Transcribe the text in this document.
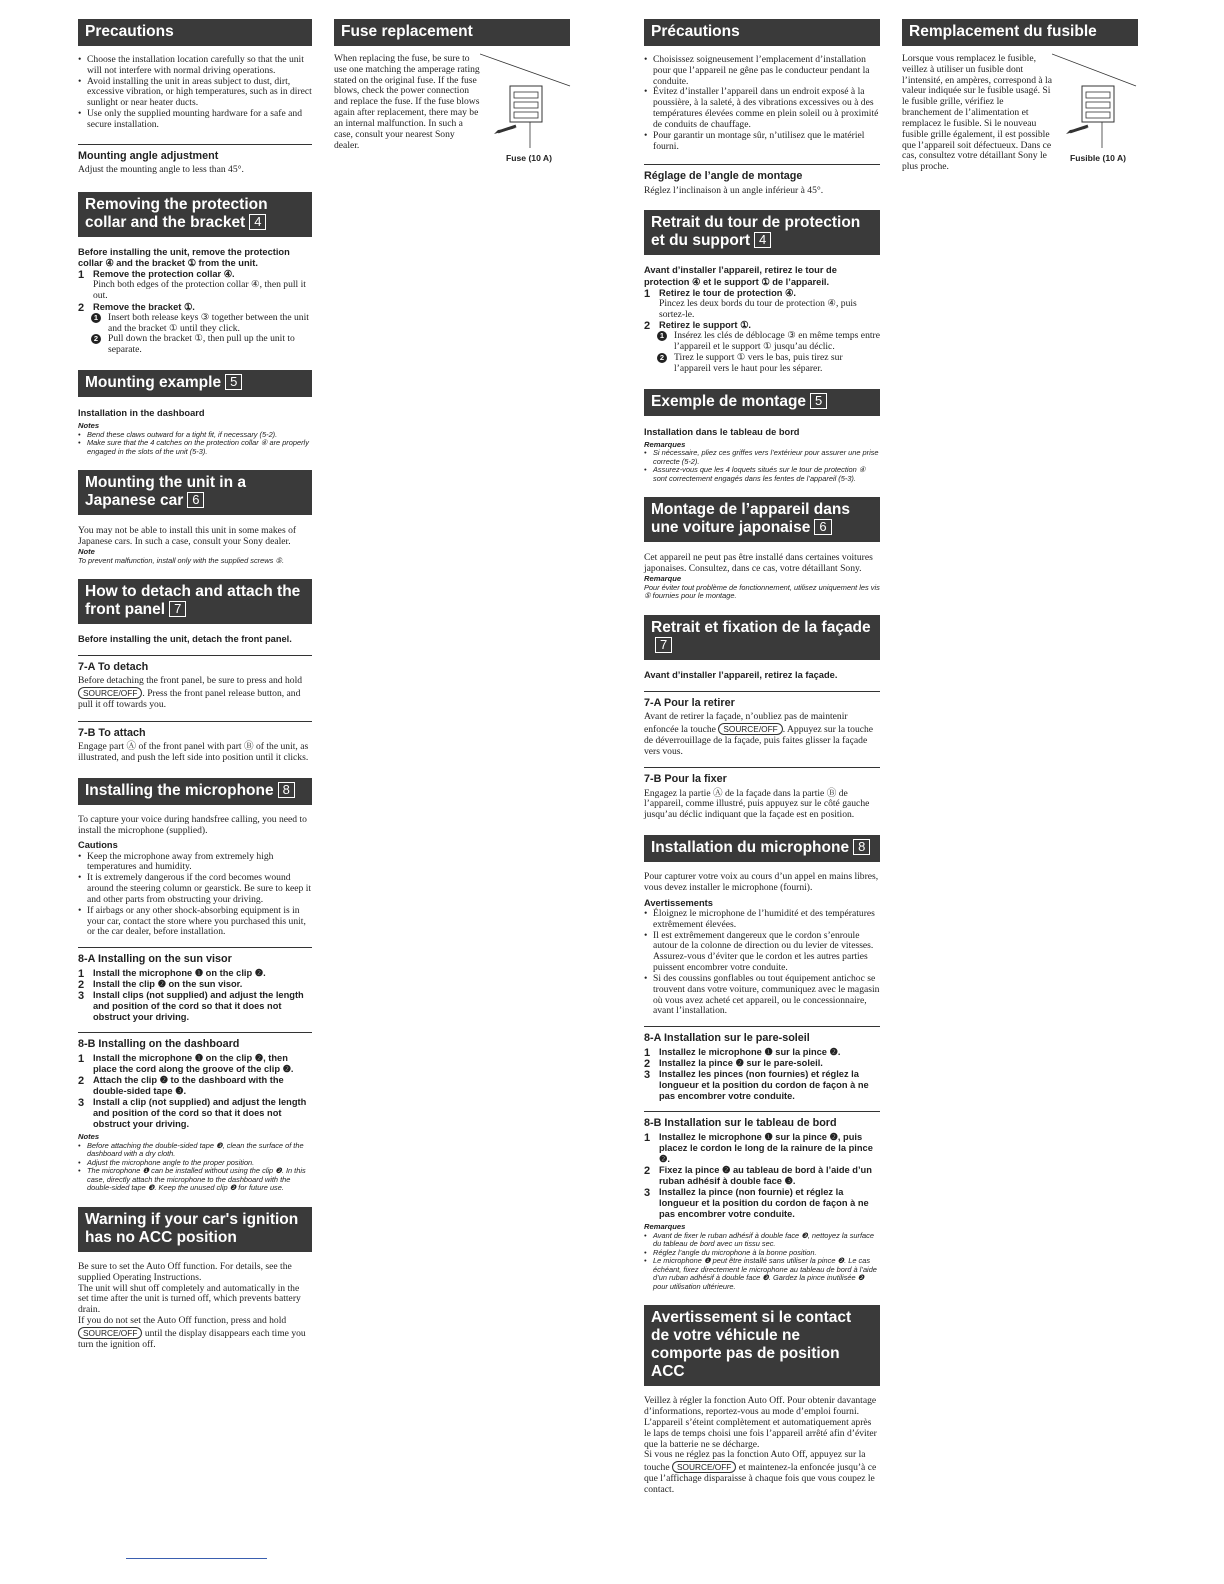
Precautions

• Choose the installation location carefully so that the unit will not interfere with normal driving operations.

• Avoid installing the unit in areas subject to dust, dirt, excessive vibration, or high temperatures, such as in direct sunlight or near heater ducts.

• Use only the supplied mounting hardware for a safe and secure installation.

Mounting angle adjustment

Adjust the mounting angle to less than 45°.

Removing the protection collar and the bracket 4

Before installing the unit, remove the protection collar ④ and the bracket ① from the unit.

1 Remove the protection collar ④.

Pinch both edges of the protection collar ④, then pull it out.

2 Remove the bracket ①.

1	Insert both release keys ③ together between the unit and the bracket ① until they click.

2	Pull down the bracket ①, then pull up the unit to separate.

Mounting example 5

Installation in the dashboard

Notes

• Bend these claws outward for a tight fit, if necessary (5-2).

• Make sure that the 4 catches on the protection collar ④ are properly engaged in the slots of the unit (5-3).

Mounting the unit in a Japanese car 6

You may not be able to install this unit in some makes of Japanese cars. In such a case, consult your Sony dealer.

Note

To prevent malfunction, install only with the supplied screws ⑤.

How to detach and attach the front panel 7

Before installing the unit, detach the front panel.

7-A To detach

Before detaching the front panel, be sure to press and hold SOURCE/OFF . Press the front panel release button, and pull it off towards you.

7-B To attach

Engage part Ⓐ of the front panel with part Ⓑ of the unit, as illustrated, and push the left side into position until it clicks.

Installing the microphone 8

To capture your voice during handsfree calling, you need to install the microphone (supplied).

Cautions

• Keep the microphone away from extremely high temperatures and humidity.

• It is extremely dangerous if the cord becomes wound around the steering column or gearstick. Be sure to keep it and other parts from obstructing your driving.

• If airbags or any other shock-absorbing equipment is in your car, contact the store where you purchased this unit, or the car dealer, before installation.

8-A Installing on the sun visor
1 Install the microphone ❶ on the clip ❷.
2 Install the clip ❷ on the sun visor.
3 Install clips (not supplied) and adjust the length and position of the cord so that it does not obstruct your driving.
8-B Installing on the dashboard
1 Install the microphone ❶ on the clip ❷, then place the cord along the groove of the clip ❷.
2 Attach the clip ❷ to the dashboard with the double-sided tape ❸.
3 Install a clip (not supplied) and adjust the length and position of the cord so that it does not obstruct your driving.

Notes

• Before attaching the double-sided tape ❸, clean the surface of the dashboard with a dry cloth.

• Adjust the microphone angle to the proper position.

• The microphone ❶ can be installed without using the clip ❷. In this case, directly attach the microphone to the dashboard with the double-sided tape ❸. Keep the unused clip ❷ for future use.

Warning if your car's ignition has no ACC position

Be sure to set the Auto Off function. For details, see the supplied Operating Instructions.

The unit will shut off completely and automatically in the set time after the unit is turned off, which prevents battery drain.

If you do not set the Auto Off function, press and hold SOURCE/OFF until the display disappears each time you turn the ignition off.

Fuse replacement

When replacing the fuse, be sure to use one matching the amperage rating stated on the original fuse. If the fuse blows, check the power connection and replace the fuse. If the fuse blows again after replacement, there may be an internal malfunction. In such a case, consult your nearest Sony dealer.

Fuse (10 A)
Précautions

• Choisissez soigneusement l’emplacement d’installation pour que l’appareil ne gêne pas le conducteur pendant la conduite.

• Évitez d’installer l’appareil dans un endroit exposé à la poussière, à la saleté, à des vibrations excessives ou à des températures élevées comme en plein soleil ou à proximité de conduits de chauffage.

• Pour garantir un montage sûr, n’utilisez que le matériel fourni.

Réglage de l’angle de montage

Réglez l’inclinaison à un angle inférieur à 45°.

Retrait du tour de protection et du support 4

Avant d’installer l’appareil, retirez le tour de protection ④ et le support ① de l’appareil.

1 Retirez le tour de protection ④.

Pincez les deux bords du tour de protection ④, puis sortez-le.

2 Retirez le support ①.

1	Insérez les clés de déblocage ③ en même temps entre l’appareil et le support ① jusqu’au déclic.

2	Tirez le support ① vers le bas, puis tirez sur l’appareil vers le haut pour les séparer.

Exemple de montage 5

Installation dans le tableau de bord

Remarques

• Si nécessaire, pliez ces griffes vers l’extérieur pour assurer une prise correcte (5-2).

• Assurez-vous que les 4 loquets situés sur le tour de protection ④ sont correctement engagés dans les fentes de l’appareil (5-3).

Montage de l’appareil dans une voiture japonaise 6

Cet appareil ne peut pas être installé dans certaines voitures japonaises. Consultez, dans ce cas, votre détaillant Sony.

Remarque

Pour éviter tout problème de fonctionnement, utilisez uniquement les vis ⑤ fournies pour le montage.

Retrait et fixation de la façade7

Avant d’installer l’appareil, retirez la façade.

7-A Pour la retirer

Avant de retirer la façade, n’oubliez pas de maintenir enfoncée la touche SOURCE/OFF . Appuyez sur la touche de déverrouillage de la façade, puis faites glisser la façade vers vous.

7-B Pour la fixer

Engagez la partie Ⓐ de la façade dans la partie Ⓑ de l’appareil, comme illustré, puis appuyez sur le côté gauche jusqu’au déclic indiquant que la façade est en position.

Installation du microphone 8

Pour capturer votre voix au cours d’un appel en mains libres, vous devez installer le microphone (fourni).

Avertissements

• Éloignez le microphone de l’humidité et des températures extrêmement élevées.

• Il est extrêmement dangereux que le cordon s’enroule autour de la colonne de direction ou du levier de vitesses. Assurez-vous d’éviter que le cordon et les autres parties puissent encombrer votre conduite.

• Si des coussins gonflables ou tout équipement antichoc se trouvent dans votre voiture, communiquez avec le magasin où vous avez acheté cet appareil, ou le concessionnaire, avant l’installation.

8-A Installation sur le pare-soleil
1 Installez le microphone ❶ sur la pince ❷.
2 Installez la pince ❷ sur le pare-soleil.
3 Installez les pinces (non fournies) et réglez la longueur et la position du cordon de façon à ne pas encombrer votre conduite.
8-B Installation sur le tableau de bord
1 Installez le microphone ❶ sur la pince ❷, puis placez le cordon le long de la rainure de la pince ❷.
2 Fixez la pince ❷ au tableau de bord à l’aide d’un ruban adhésif à double face ❸.
3 Installez la pince (non fournie) et réglez la longueur et la position du cordon de façon à ne pas encombrer votre conduite.

Remarques

• Avant de fixer le ruban adhésif à double face ❸, nettoyez la surface du tableau de bord avec un tissu sec.

• Réglez l’angle du microphone à la bonne position.

• Le microphone ❶ peut être installé sans utiliser la pince ❷. Le cas échéant, fixez directement le microphone au tableau de bord à l’aide d’un ruban adhésif à double face ❸. Gardez la pince inutilisée ❷ pour utilisation ultérieure.

Avertissement si le contact de votre véhicule ne comporte pas de position ACC

Veillez à régler la fonction Auto Off. Pour obtenir davantage d’informations, reportez-vous au mode d’emploi fourni.

L’appareil s’éteint complètement et automatiquement après le laps de temps choisi une fois l’appareil arrêté afin d’éviter que la batterie ne se décharge.

Si vous ne réglez pas la fonction Auto Off, appuyez sur la touche SOURCE/OFF et maintenez-la enfoncée jusqu’à ce que l’affichage disparaisse à chaque fois que vous coupez le contact.

Remplacement du fusible

Lorsque vous remplacez le fusible, veillez à utiliser un fusible dont l’intensité, en ampères, correspond à la valeur indiquée sur le fusible usagé. Si le fusible grille, vérifiez le branchement de l’alimentation et remplacez le fusible. Si le nouveau fusible grille également, il est possible que l’appareil soit défectueux. Dans ce cas, consultez votre détaillant Sony le plus proche.

Fusible (10 A)
